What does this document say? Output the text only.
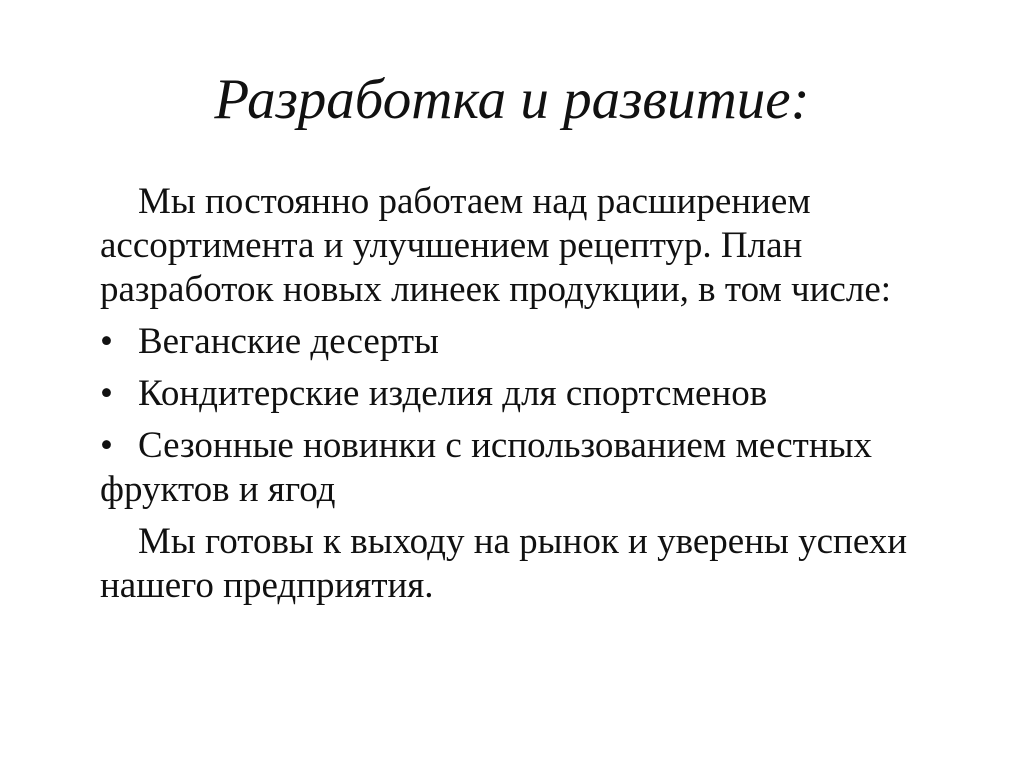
Разработка и развитие:

Мы постоянно работаем над расширением ассортимента и улучшением рецептур. План разработок новых линеек продукции, в том числе:

• Веганские десерты
• Кондитерские изделия для спортсменов
• Сезонные новинки с использованием местных фруктов и ягод

Мы готовы к выходу на рынок и уверены успехи нашего предприятия.
